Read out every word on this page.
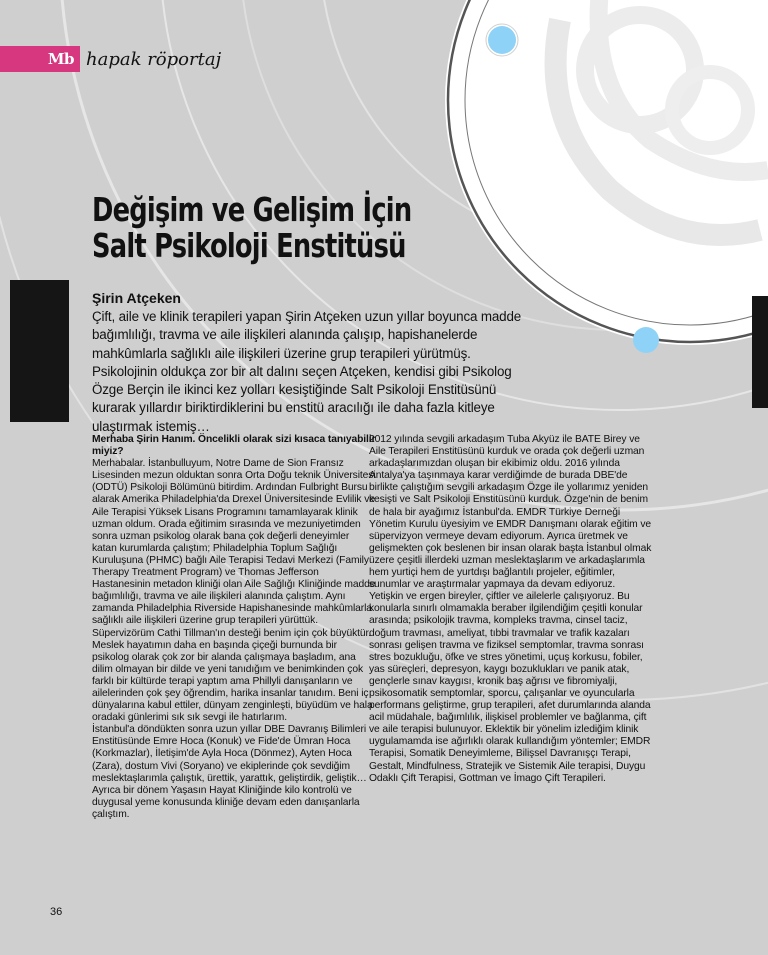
Mb hapak röportaj
Değişim ve Gelişim İçin
Salt Psikoloji Enstitüsü

Şirin Atçeken

Çift, aile ve klinik terapileri yapan Şirin Atçeken uzun yıllar boyunca madde bağımlılığı, travma ve aile ilişkileri alanında çalışıp, hapishanelerde mahkûmlarla sağlıklı aile ilişkileri üzerine grup terapileri yürütmüş. Psikolojinin oldukça zor bir alt dalını seçen Atçeken, kendisi gibi Psikolog Özge Berçin ile ikinci kez yolları kesiştiğinde Salt Psikoloji Enstitüsünü kurarak yıllardır biriktirdiklerini bu enstitü aracılığı ile daha fazla kitleye ulaştırmak istemiş…

Merhaba Şirin Hanım. Öncelikli olarak sizi kısaca tanıyabilir miyiz?

Merhabalar. İstanbulluyum, Notre Dame de Sion Fransız Lisesinden mezun olduktan sonra Orta Doğu teknik Üniversitesi (ODTÜ) Psikoloji Bölümünü bitirdim. Ardından Fulbright Bursu alarak Amerika Philadelphia'da Drexel Üniversitesinde Evlilik ve Aile Terapisi Yüksek Lisans Programını tamamlayarak klinik uzman oldum. Orada eğitimim sırasında ve mezuniyetimden sonra uzman psikolog olarak bana çok değerli deneyimler katan kurumlarda çalıştım; Philadelphia Toplum Sağlığı Kuruluşuna (PHMC) bağlı Aile Terapisi Tedavi Merkezi (Family Therapy Treatment Program) ve Thomas Jefferson Hastanesinin metadon kliniği olan Aile Sağlığı Kliniğinde madde bağımlılığı, travma ve aile ilişkileri alanında çalıştım. Aynı zamanda Philadelphia Riverside Hapishanesinde mahkûmlarla sağlıklı aile ilişkileri üzerine grup terapileri yürüttük. Süpervizörüm Cathi Tillman'ın desteği benim için çok büyüktür. Meslek hayatımın daha en başında çiçeği burnunda bir psikolog olarak çok zor bir alanda çalışmaya başladım, ana dilim olmayan bir dilde ve yeni tanıdığım ve benimkinden çok farklı bir kültürde terapi yaptım ama Phillyli danışanların ve ailelerinden çok şey öğrendim, harika insanlar tanıdım. Beni iç dünyalarına kabul ettiler, dünyam zenginleşti, büyüdüm ve hala oradaki günlerimi sık sık sevgi ile hatırlarım.

İstanbul'a döndükten sonra uzun yıllar DBE Davranış Bilimleri Enstitüsünde Emre Hoca (Konuk) ve Fide'de Ümran Hoca (Korkmazlar), İletişim'de Ayla Hoca (Dönmez), Ayten Hoca (Zara), dostum Vivi (Soryano) ve ekiplerinde çok sevdiğim meslektaşlarımla çalıştık, ürettik, yarattık, geliştirdik, geliştik… Ayrıca bir dönem Yaşasın Hayat Kliniğinde kilo kontrolü ve duygusal yeme konusunda kliniğe devam eden danışanlarla çalıştım.

2012 yılında sevgili arkadaşım Tuba Akyüz ile BATE Birey ve Aile Terapileri Enstitüsünü kurduk ve orada çok değerli uzman arkadaşlarımızdan oluşan bir ekibimiz oldu. 2016 yılında Antalya'ya taşınmaya karar verdiğimde de burada DBE'de birlikte çalıştığım sevgili arkadaşım Özge ile yollarımız yeniden kesişti ve Salt Psikoloji Enstitüsünü kurduk. Özge'nin de benim de hala bir ayağımız İstanbul'da. EMDR Türkiye Derneği Yönetim Kurulu üyesiyim ve EMDR Danışmanı olarak eğitim ve süpervizyon vermeye devam ediyorum. Ayrıca üretmek ve gelişmekten çok beslenen bir insan olarak başta İstanbul olmak üzere çeşitli illerdeki uzman meslektaşlarım ve arkadaşlarımla hem yurtiçi hem de yurtdışı bağlantılı projeler, eğitimler, sunumlar ve araştırmalar yapmaya da devam ediyoruz.

Yetişkin ve ergen bireyler, çiftler ve ailelerle çalışıyoruz. Bu konularla sınırlı olmamakla beraber ilgilendiğim çeşitli konular arasında; psikolojik travma, kompleks travma, cinsel taciz, doğum travması, ameliyat, tıbbi travmalar ve trafik kazaları sonrası gelişen travma ve fiziksel semptomlar, travma sonrası stres bozukluğu, öfke ve stres yönetimi, uçuş korkusu, fobiler, yas süreçleri, depresyon, kaygı bozuklukları ve panik atak, gençlerle sınav kaygısı, kronik baş ağrısı ve fibromiyalji, psikosomatik semptomlar, sporcu, çalışanlar ve oyuncularla performans geliştirme, grup terapileri, afet durumlarında alanda acil müdahale, bağımlılık, ilişkisel problemler ve bağlanma, çift ve aile terapisi bulunuyor. Eklektik bir yönelim izlediğim klinik uygulamamda ise ağırlıklı olarak kullandığım yöntemler; EMDR Terapisi, Somatik Deneyimleme, Bilişsel Davranışçı Terapi, Gestalt, Mindfulness, Stratejik ve Sistemik Aile terapisi, Duygu Odaklı Çift Terapisi, Gottman ve İmago Çift Terapileri.

36
